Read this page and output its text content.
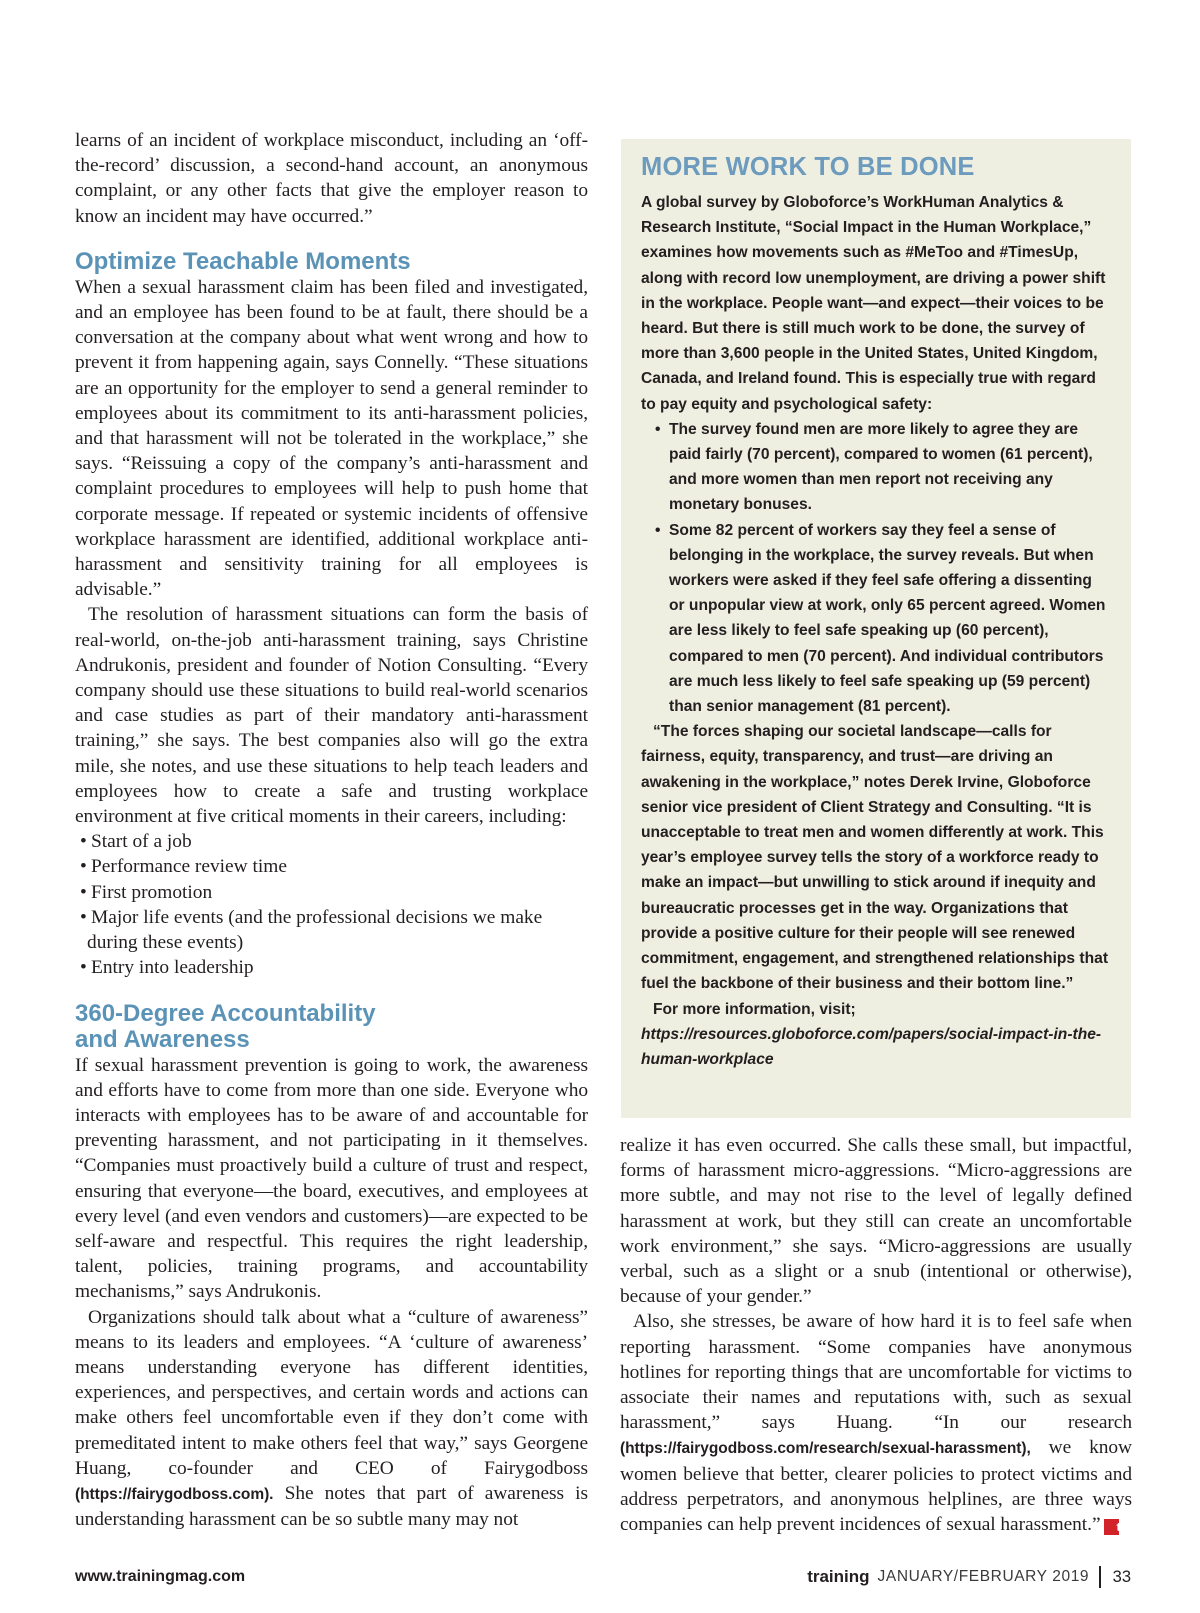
learns of an incident of workplace misconduct, including an ‘off-the-record’ discussion, a second-hand account, an anonymous complaint, or any other facts that give the employer reason to know an incident may have occurred.”

Optimize Teachable Moments

When a sexual harassment claim has been filed and investigated, and an employee has been found to be at fault, there should be a conversation at the company about what went wrong and how to prevent it from happening again, says Connelly. “These situations are an opportunity for the employer to send a general reminder to employees about its commitment to its anti-harassment policies, and that harassment will not be tolerated in the workplace,” she says. “Reissuing a copy of the company’s anti-harassment and complaint procedures to employees will help to push home that corporate message. If repeated or systemic incidents of offensive workplace harassment are identified, additional workplace anti-harassment and sensitivity training for all employees is advisable.”

The resolution of harassment situations can form the basis of real-world, on-the-job anti-harassment training, says Christine Andrukonis, president and founder of Notion Consulting. “Every company should use these situations to build real-world scenarios and case studies as part of their mandatory anti-harassment training,” she says. The best companies also will go the extra mile, she notes, and use these situations to help teach leaders and employees how to create a safe and trusting workplace environment at five critical moments in their careers, including:

• Start of a job
• Performance review time
• First promotion
• Major life events (and the professional decisions we make during these events)
• Entry into leadership
360-Degree Accountability
and Awareness

If sexual harassment prevention is going to work, the awareness and efforts have to come from more than one side. Everyone who interacts with employees has to be aware of and accountable for preventing harassment, and not participating in it themselves. “Companies must proactively build a culture of trust and respect, ensuring that everyone—the board, executives, and employees at every level (and even vendors and customers)—are expected to be self-aware and respectful. This requires the right leadership, talent, policies, training programs, and accountability mechanisms,” says Andrukonis.

Organizations should talk about what a “culture of awareness” means to its leaders and employees. “A ‘culture of awareness’ means understanding everyone has different identities, experiences, and perspectives, and certain words and actions can make others feel uncomfortable even if they don’t come with premeditated intent to make others feel that way,” says Georgene Huang, co-founder and CEO of Fairygodboss (https://fairygodboss.com). She notes that part of awareness is understanding harassment can be so subtle many may not

MORE WORK TO BE DONE

A global survey by Globoforce’s WorkHuman Analytics & Research Institute, “Social Impact in the Human Workplace,” examines how movements such as #MeToo and #TimesUp, along with record low unemployment, are driving a power shift in the workplace. People want—and expect—their voices to be heard. But there is still much work to be done, the survey of more than 3,600 people in the United States, United Kingdom, Canada, and Ireland found. This is especially true with regard to pay equity and psychological safety:

• The survey found men are more likely to agree they are paid fairly (70 percent), compared to women (61 percent), and more women than men report not receiving any monetary bonuses.
• Some 82 percent of workers say they feel a sense of belonging in the workplace, the survey reveals. But when workers were asked if they feel safe offering a dissenting or unpopular view at work, only 65 percent agreed. Women are less likely to feel safe speaking up (60 percent), compared to men (70 percent). And individual contributors are much less likely to feel safe speaking up (59 percent) than senior management (81 percent).

“The forces shaping our societal landscape—calls for fairness, equity, transparency, and trust—are driving an awakening in the workplace,” notes Derek Irvine, Globoforce senior vice president of Client Strategy and Consulting. “It is unacceptable to treat men and women differently at work. This year’s employee survey tells the story of a workforce ready to make an impact—but unwilling to stick around if inequity and bureaucratic processes get in the way. Organizations that provide a positive culture for their people will see renewed commitment, engagement, and strengthened relationships that fuel the backbone of their business and their bottom line.”

For more information, visit; https://resources.globoforce.com/papers/social-impact-in-the-human-workplace

realize it has even occurred. She calls these small, but impactful, forms of harassment micro-aggressions. “Micro-aggressions are more subtle, and may not rise to the level of legally defined harassment at work, but they still can create an uncomfortable work environment,” she says. “Micro-aggressions are usually verbal, such as a slight or a snub (intentional or otherwise), because of your gender.”

Also, she stresses, be aware of how hard it is to feel safe when reporting harassment. “Some companies have anonymous hotlines for reporting things that are uncomfortable for victims to associate their names and reputations with, such as sexual harassment,” says Huang. “In our research (https://fairygodboss.com/research/sexual-harassment), we know women believe that better, clearer policies to protect victims and address perpetrators, and anonymous helplines, are three ways companies can help prevent incidences of sexual harassment.” t

www.trainingmag.com	training JANUARY/FEBRUARY 2019 33
